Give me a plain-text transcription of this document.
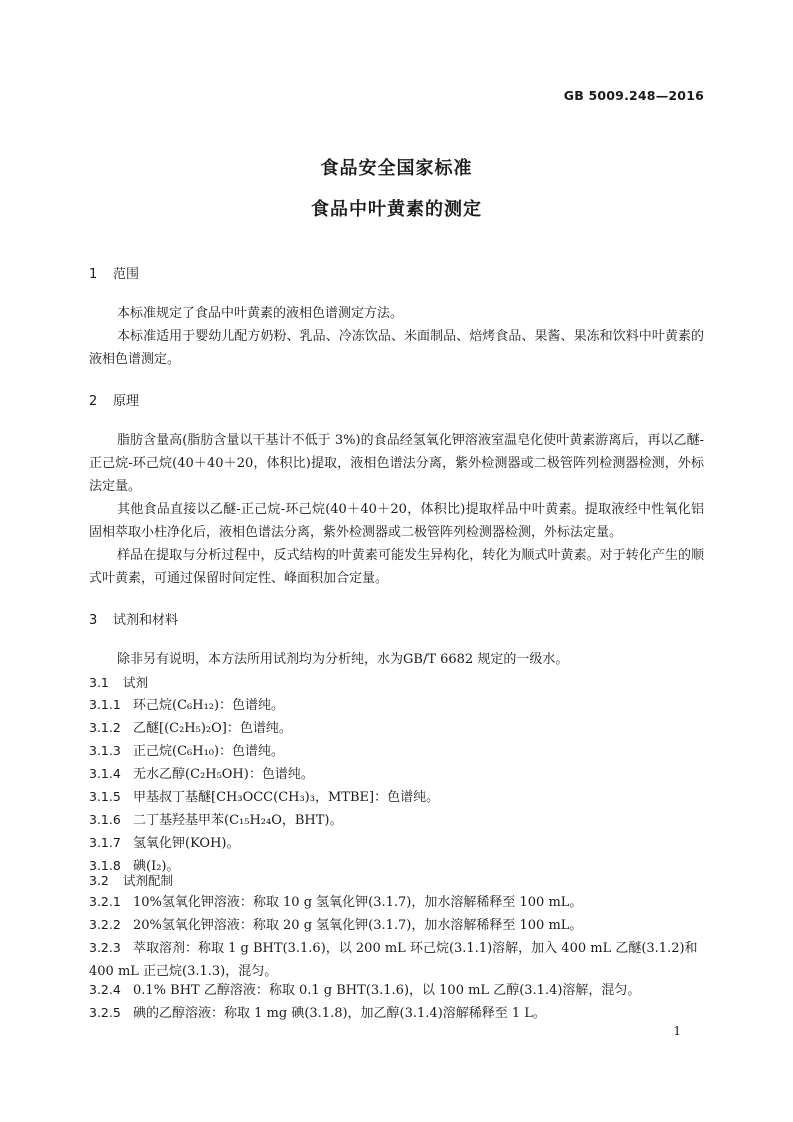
GB 5009.248—2016
食品安全国家标准
食品中叶黄素的测定
1 范围
本标准规定了食品中叶黄素的液相色谱测定方法。
本标准适用于婴幼儿配方奶粉、乳品、冷冻饮品、米面制品、焙烤食品、果酱、果冻和饮料中叶黄素的液相色谱测定。
2 原理
脂肪含量高(脂肪含量以干基计不低于 3%)的食品经氢氧化钾溶液室温皂化使叶黄素游离后，再以乙醚-正己烷-环己烷(40＋40＋20，体积比)提取，液相色谱法分离，紫外检测器或二极管阵列检测器检测，外标法定量。
其他食品直接以乙醚-正己烷-环己烷(40＋40＋20，体积比)提取样品中叶黄素。提取液经中性氧化铝固相萃取小柱净化后，液相色谱法分离，紫外检测器或二极管阵列检测器检测，外标法定量。
样品在提取与分析过程中，反式结构的叶黄素可能发生异构化，转化为顺式叶黄素。对于转化产生的顺式叶黄素，可通过保留时间定性、峰面积加合定量。
3 试剂和材料
除非另有说明，本方法所用试剂均为分析纯，水为GB/T 6682 规定的一级水。
3.1 试剂
3.1.1 环己烷(C₆H₁₂)：色谱纯。
3.1.2 乙醚[(C₂H₅)₂O]：色谱纯。
3.1.3 正己烷(C₆H₁₀)：色谱纯。
3.1.4 无水乙醇(C₂H₅OH)：色谱纯。
3.1.5 甲基叔丁基醚[CH₃OCC(CH₃)₃，MTBE]：色谱纯。
3.1.6 二丁基羟基甲苯(C₁₅H₂₄O，BHT)。
3.1.7 氢氧化钾(KOH)。
3.1.8 碘(I₂)。
3.2 试剂配制
3.2.1 10%氢氧化钾溶液：称取 10 g 氢氧化钾(3.1.7)，加水溶解稀释至 100 mL。
3.2.2 20%氢氧化钾溶液：称取 20 g 氢氧化钾(3.1.7)，加水溶解稀释至 100 mL。
3.2.3 萃取溶剂：称取 1 g BHT(3.1.6)，以 200 mL 环己烷(3.1.1)溶解，加入 400 mL 乙醚(3.1.2)和 400 mL 正己烷(3.1.3)，混匀。
3.2.4 0.1% BHT 乙醇溶液：称取 0.1 g BHT(3.1.6)，以 100 mL 乙醇(3.1.4)溶解，混匀。
3.2.5 碘的乙醇溶液：称取 1 mg 碘(3.1.8)，加乙醇(3.1.4)溶解稀释至 1 L。
1
